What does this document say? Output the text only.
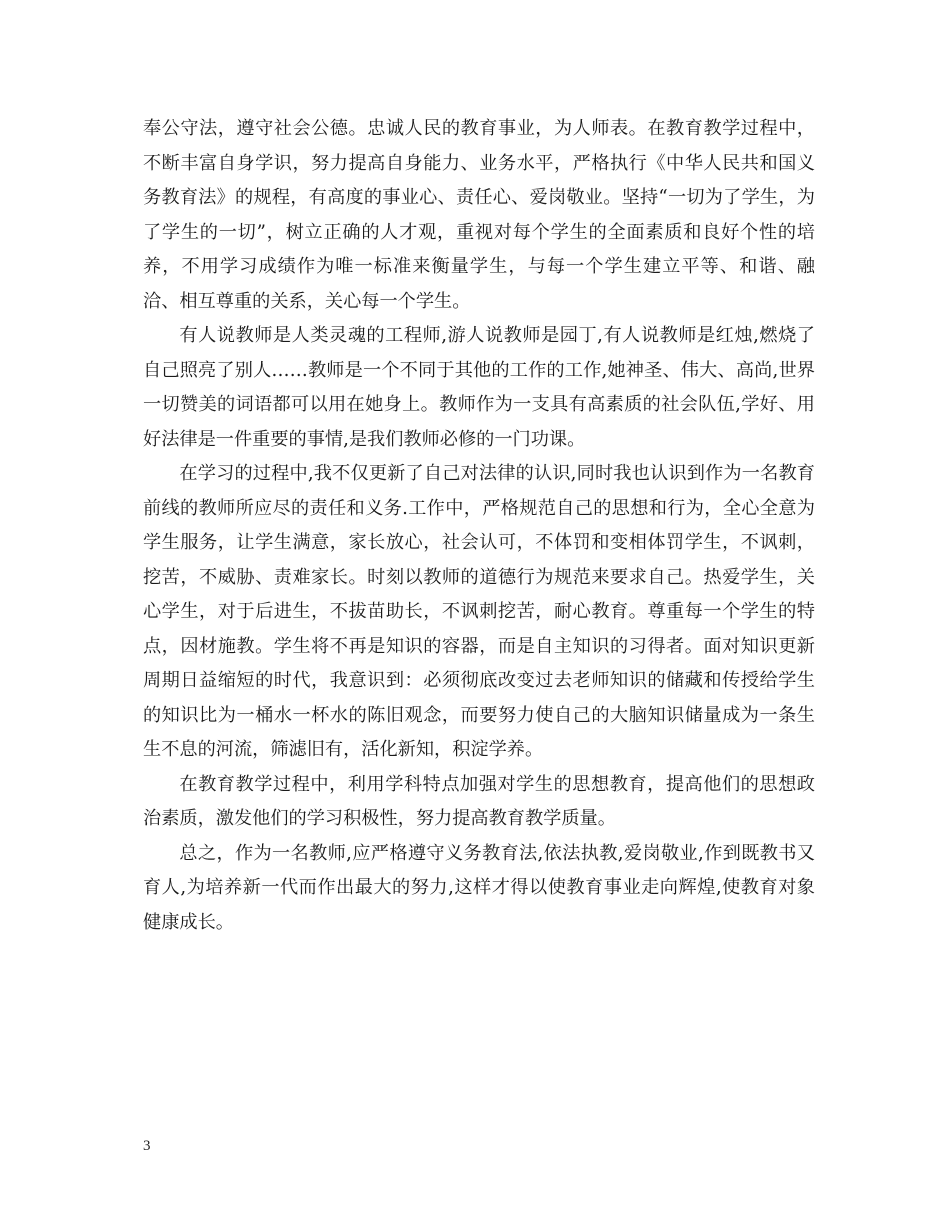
奉公守法，遵守社会公德。忠诚人民的教育事业，为人师表。在教育教学过程中，不断丰富自身学识，努力提高自身能力、业务水平，严格执行《中华人民共和国义务教育法》的规程，有高度的事业心、责任心、爱岗敬业。坚持“一切为了学生，为了学生的一切”，树立正确的人才观，重视对每个学生的全面素质和良好个性的培养，不用学习成绩作为唯一标准来衡量学生，与每一个学生建立平等、和谐、融洽、相互尊重的关系，关心每一个学生。

有人说教师是人类灵魂的工程师,游人说教师是园丁,有人说教师是红烛,燃烧了自己照亮了别人……教师是一个不同于其他的工作的工作,她神圣、伟大、高尚,世界一切赞美的词语都可以用在她身上。教师作为一支具有高素质的社会队伍,学好、用好法律是一件重要的事情,是我们教师必修的一门功课。

在学习的过程中,我不仅更新了自己对法律的认识,同时我也认识到作为一名教育前线的教师所应尽的责任和义务.工作中，严格规范自己的思想和行为，全心全意为学生服务，让学生满意，家长放心，社会认可，不体罚和变相体罚学生，不讽刺，挖苦，不威胁、责难家长。时刻以教师的道德行为规范来要求自己。热爱学生，关心学生，对于后进生，不拔苗助长，不讽刺挖苦，耐心教育。尊重每一个学生的特点，因材施教。学生将不再是知识的容器，而是自主知识的习得者。面对知识更新周期日益缩短的时代，我意识到：必须彻底改变过去老师知识的储藏和传授给学生的知识比为一桶水一杯水的陈旧观念，而要努力使自己的大脑知识储量成为一条生生不息的河流，筛滤旧有，活化新知，积淀学养。

在教育教学过程中，利用学科特点加强对学生的思想教育，提高他们的思想政治素质，激发他们的学习积极性，努力提高教育教学质量。

总之，作为一名教师,应严格遵守义务教育法,依法执教,爱岗敬业,作到既教书又育人,为培养新一代而作出最大的努力,这样才得以使教育事业走向辉煌,使教育对象健康成长。

3
